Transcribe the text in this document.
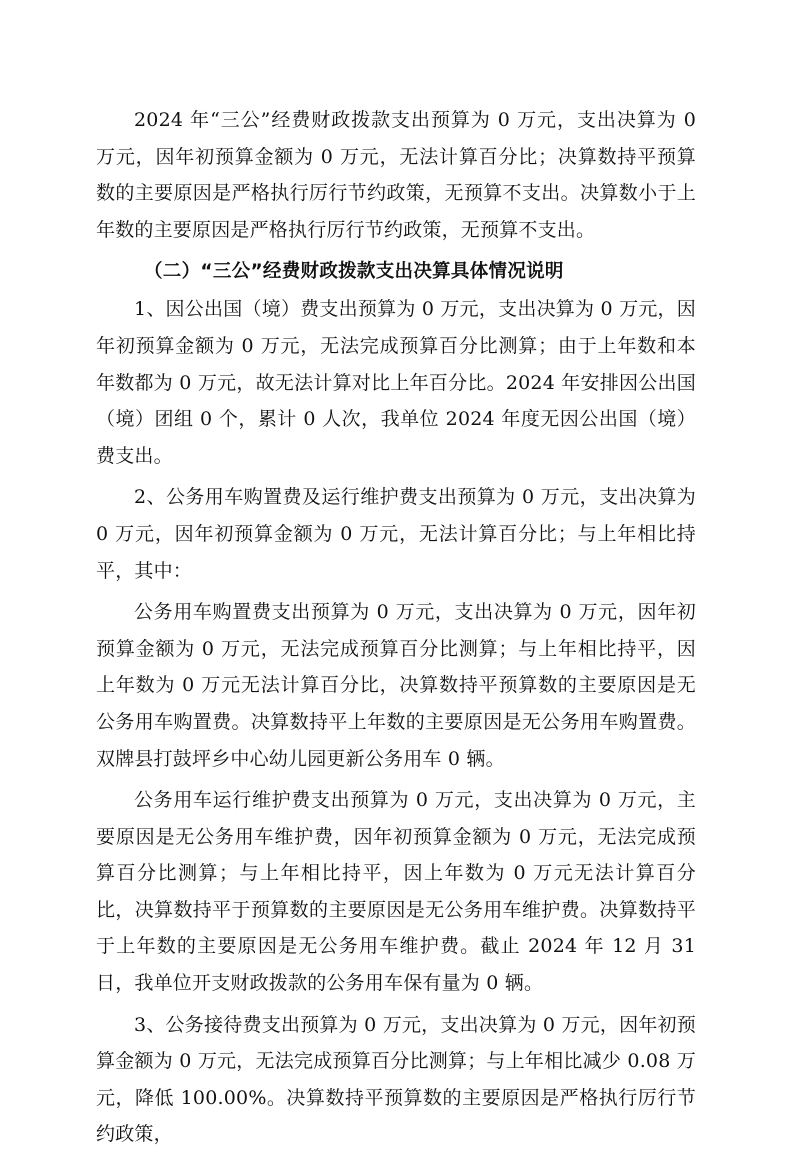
2024 年“三公”经费财政拨款支出预算为 0 万元，支出决算为 0 万元，因年初预算金额为 0 万元，无法计算百分比；决算数持平预算数的主要原因是严格执行厉行节约政策，无预算不支出。决算数小于上年数的主要原因是严格执行厉行节约政策，无预算不支出。

（二）“三公”经费财政拨款支出决算具体情况说明

1、因公出国（境）费支出预算为 0 万元，支出决算为 0 万元，因年初预算金额为 0 万元，无法完成预算百分比测算；由于上年数和本年数都为 0 万元，故无法计算对比上年百分比。2024 年安排因公出国（境）团组 0 个，累计 0 人次，我单位 2024 年度无因公出国（境）费支出。

2、公务用车购置费及运行维护费支出预算为 0 万元，支出决算为 0 万元，因年初预算金额为 0 万元，无法计算百分比；与上年相比持平，其中：

公务用车购置费支出预算为 0 万元，支出决算为 0 万元，因年初预算金额为 0 万元，无法完成预算百分比测算；与上年相比持平，因上年数为 0 万元无法计算百分比，决算数持平预算数的主要原因是无公务用车购置费。决算数持平上年数的主要原因是无公务用车购置费。双牌县打鼓坪乡中心幼儿园更新公务用车 0 辆。

公务用车运行维护费支出预算为 0 万元，支出决算为 0 万元，主要原因是无公务用车维护费，因年初预算金额为 0 万元，无法完成预算百分比测算；与上年相比持平，因上年数为 0 万元无法计算百分比，决算数持平于预算数的主要原因是无公务用车维护费。决算数持平于上年数的主要原因是无公务用车维护费。截止 2024 年 12 月 31 日，我单位开支财政拨款的公务用车保有量为 0 辆。

3、公务接待费支出预算为 0 万元，支出决算为 0 万元，因年初预算金额为 0 万元，无法完成预算百分比测算；与上年相比减少 0.08 万元，降低 100.00%。决算数持平预算数的主要原因是严格执行厉行节约政策，
